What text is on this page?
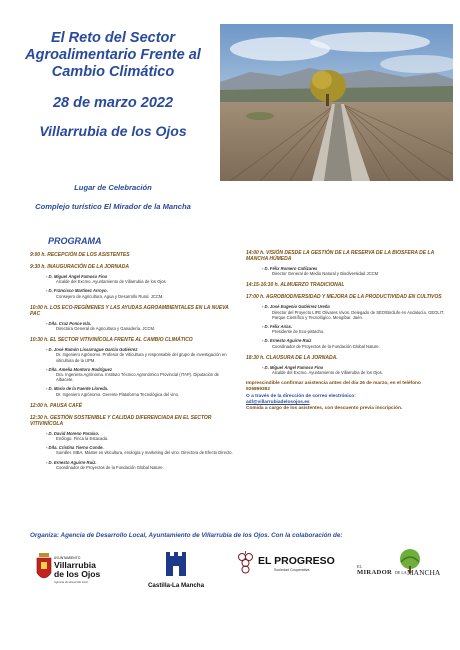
El Reto del Sector
Agroalimentario Frente al
Cambio Climático
28 de marzo 2022
Villarrubia de los Ojos
Lugar de Celebración
Complejo turístico El Mirador de la Mancha
PROGRAMA
9:00 h. RECEPCIÓN DE LOS ASISTENTES
9:30 h. INAUGURACIÓN DE LA JORNADA
- D. Miguel Ángel Famoso Fino
Alcalde del Excmo. Ayuntamiento de Villarrubia de los Ojos
- D. Francisco Martínez Arroyo.
Consejero de Agricultura, Agua y Desarrollo Rural. JCCM.
10:00 h. LOS ECO-REGÍMENES Y LAS AYUDAS AGROAMBIENTALES EN LA NUEVA PAC
- Dña. Cruz Ponce Isla.
Directora General de Agricultura y Ganadería. JCCM.
10:30 h. EL SECTOR VITIVINÍCOLA FRENTE AL CAMBIO CLIMÁTICO
- D. José Ramón Lissarrague García Gutiérrez
Dr. Ingeniero Agrónomo. Profesor de Viticultura y responsable del grupo de investigación en viticultura de la UPM.
- Dña. Amelia Montoro Rodríguez
Dra. Ingeniera Agrónoma. Instituto Técnico Agronómico Provincial (ITAP). Diputación de Albacete.
- D. Mario de la Fuente Lloreda.
Dr. Ingeniero Agrónomo. Gerente Plataforma Tecnológica del vino.
12:00 h. PAUSA CAFÉ
12:30 h. GESTIÓN SOSTENIBLE Y CALIDAD DIFERENCIADA EN EL SECTOR VITIVINÍCOLA
- D. David Moreno Paraíso.
Enólogo. Finca la Estacada.
- Dña. Cristina Tierno Conde.
Sumiller. MBA, Máster en viticultura, enología y marketing del vino. Directora de Efecto Directo.
- D. Ernesto Aguirre Ruiz.
Coordinador de Proyectos de la Fundación Global Nature.
14:00 h. VISIÓN DESDE LA GESTIÓN DE LA RESERVA DE LA BIOSFERA DE LA MANCHA HÚMEDA
- D. Félix Romero Cañizares
Director General de Medio Natural y Biodiversidad JCCM
14:15-16:30 h. ALMUERZO TRADICIONAL
17:00 h. AGROBIODIVERSIDAD Y MEJORA DE LA PRODUCTIVIDAD EN CULTIVOS
- D. José Eugenio Gutiérrez Ureña
Director del Proyecto LIFE Olivares Vivos. Delegado de SEO/BirdLife en Andalucía. GEOLIT. Parque Científico y Tecnológico. Mengíbar. Jaén.
- D. Félix Arias.
Presidente de Eco-pistacho.
- D. Ernesto Aguirre Ruiz
Coordinador de Proyectos de la Fundación Global Nature.
18:30 h. CLAUSURA DE LA JORNADA.
- D. Miguel Ángel Famoso Fino
Alcalde del Excmo. Ayuntamiento de Villarrubia de los Ojos.
Imprescindible confirmar asistencia antes del día 26 de marzo, en el teléfono 926899392
O a través de la dirección de correo electrónico:
adl@villarrubiadelosojos.es
Comida a cargo de los asistentes, con descuento previa inscripción.
Organiza: Agencia de Desarrollo Local, Ayuntamiento de Villarrubia de los Ojos. Con la colaboración de:
AYUNTAMIENTO
Villarrubia
de los Ojos
Agencia de desarrollo local	Castilla-La Mancha
EL PROGRESO
Sociedad Cooperativa
EL
MIRADOR DE LA MANCHA
